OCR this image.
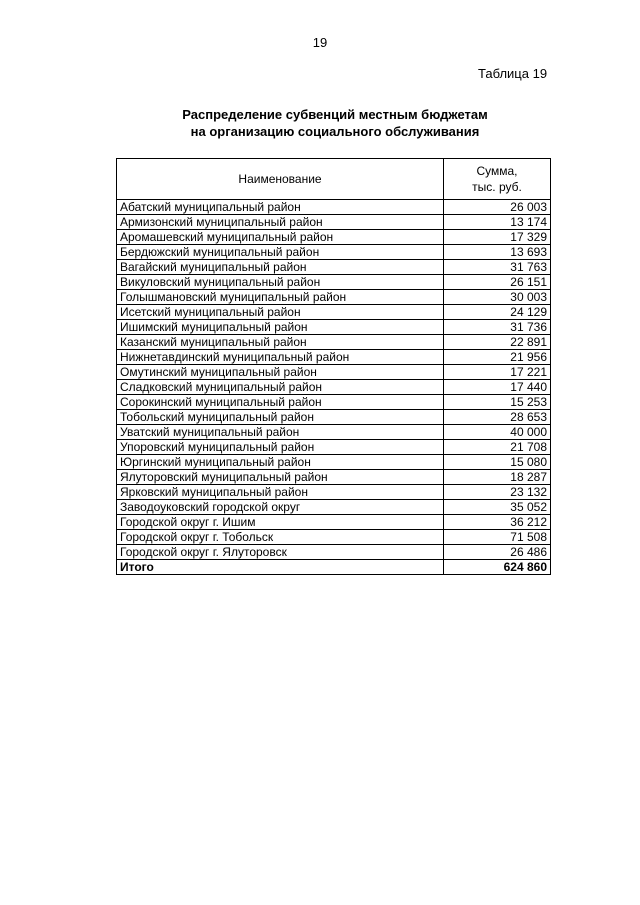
19
Таблица 19
Распределение субвенций местным бюджетам
на организацию социального обслуживания
Наименование	Сумма,
тыс. руб.

Абатский муниципальный район	26 003
Армизонский муниципальный район	13 174
Аромашевский муниципальный район	17 329
Бердюжский муниципальный район	13 693
Вагайский муниципальный район	31 763
Викуловский муниципальный район	26 151
Голышмановский муниципальный район	30 003
Исетский муниципальный район	24 129
Ишимский муниципальный район	31 736
Казанский муниципальный район	22 891
Нижнетавдинский муниципальный район	21 956
Омутинский муниципальный район	17 221
Сладковский муниципальный район	17 440
Сорокинский муниципальный район	15 253
Тобольский муниципальный район	28 653
Уватский муниципальный район	40 000
Упоровский муниципальный район	21 708
Юргинский муниципальный район	15 080
Ялуторовский муниципальный район	18 287
Ярковский муниципальный район	23 132
Заводоуковский городской округ	35 052
Городской округ г. Ишим	36 212
Городской округ г. Тобольск	71 508
Городской округ г. Ялуторовск	26 486
Итого	624 860
